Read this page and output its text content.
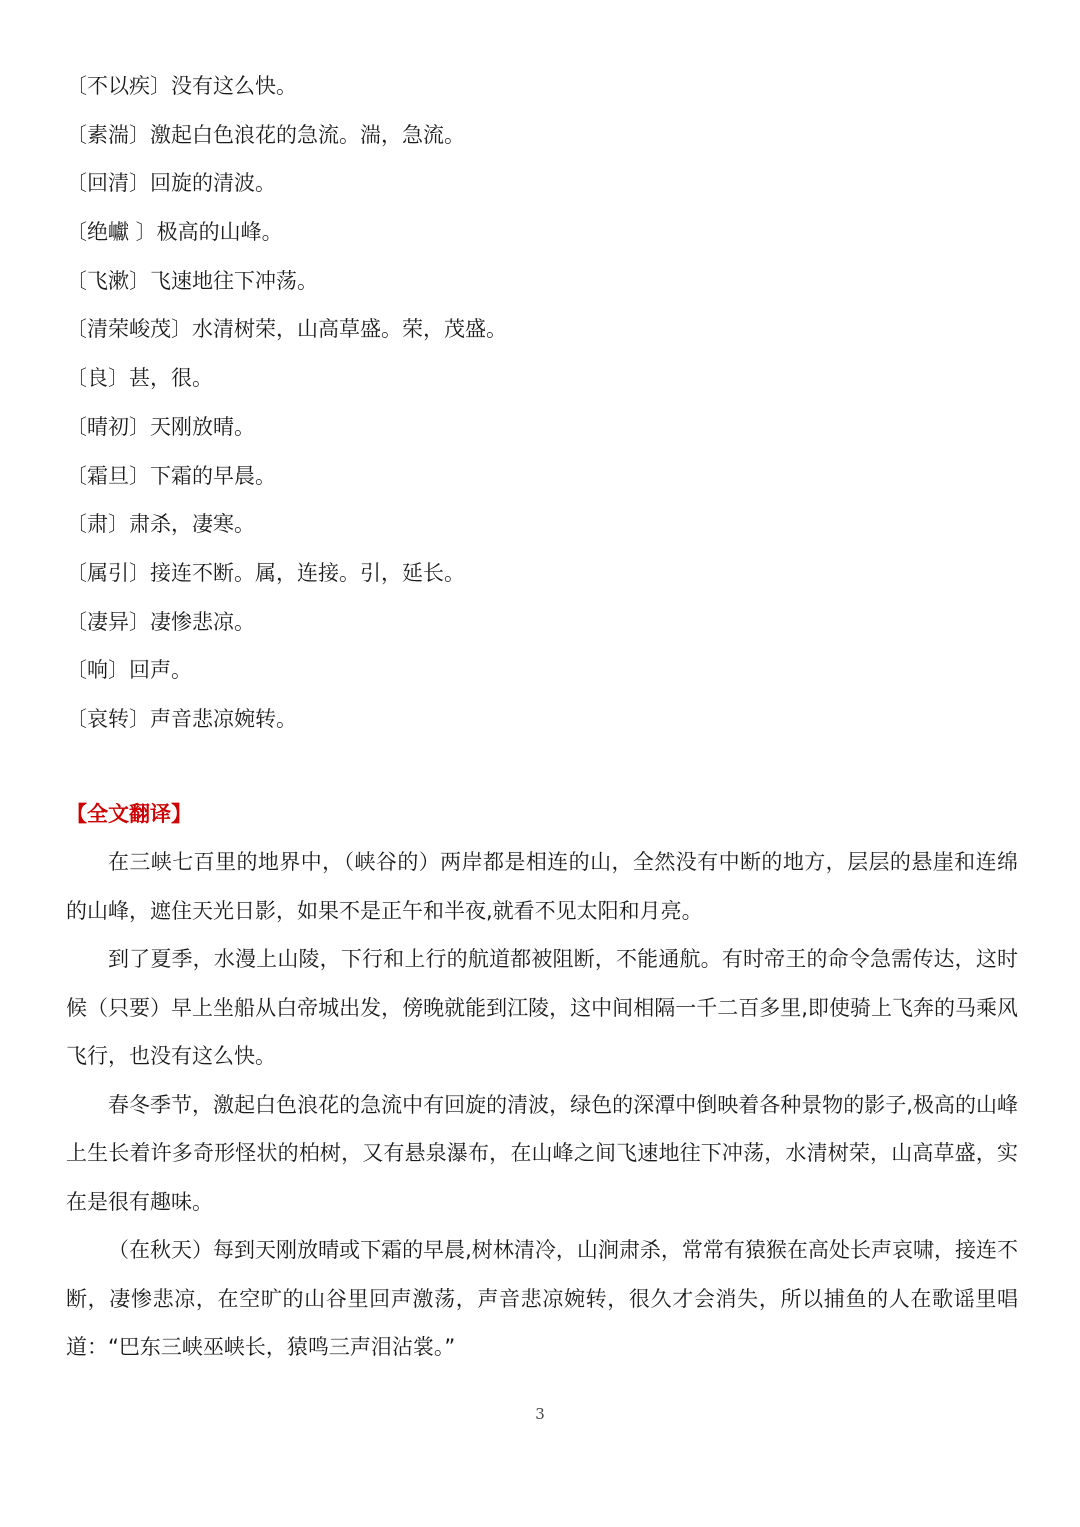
〔不以疾〕没有这么快。
〔素湍〕激起白色浪花的急流。湍，急流。
〔回清〕回旋的清波。
〔绝巘 〕极高的山峰。
〔飞漱〕飞速地往下冲荡。
〔清荣峻茂〕水清树荣，山高草盛。荣，茂盛。
〔良〕甚，很。
〔晴初〕天刚放晴。
〔霜旦〕下霜的早晨。
〔肃〕肃杀，凄寒。
〔属引〕接连不断。属，连接。引，延长。
〔凄异〕凄惨悲凉。
〔响〕回声。
〔哀转〕声音悲凉婉转。
【全文翻译】

在三峡七百里的地界中，（峡谷的）两岸都是相连的山，全然没有中断的地方，层层的悬崖和连绵的山峰，遮住天光日影，如果不是正午和半夜,就看不见太阳和月亮。

到了夏季，水漫上山陵，下行和上行的航道都被阻断，不能通航。有时帝王的命令急需传达，这时候（只要）早上坐船从白帝城出发，傍晚就能到江陵，这中间相隔一千二百多里,即使骑上飞奔的马乘风飞行，也没有这么快。

春冬季节，激起白色浪花的急流中有回旋的清波，绿色的深潭中倒映着各种景物的影子,极高的山峰上生长着许多奇形怪状的柏树，又有悬泉瀑布，在山峰之间飞速地往下冲荡，水清树荣，山高草盛，实在是很有趣味。

（在秋天）每到天刚放晴或下霜的早晨,树林清冷，山涧肃杀，常常有猿猴在高处长声哀啸，接连不断，凄惨悲凉，在空旷的山谷里回声激荡，声音悲凉婉转，很久才会消失，所以捕鱼的人在歌谣里唱道：“巴东三峡巫峡长，猿鸣三声泪沾裳。”

3
